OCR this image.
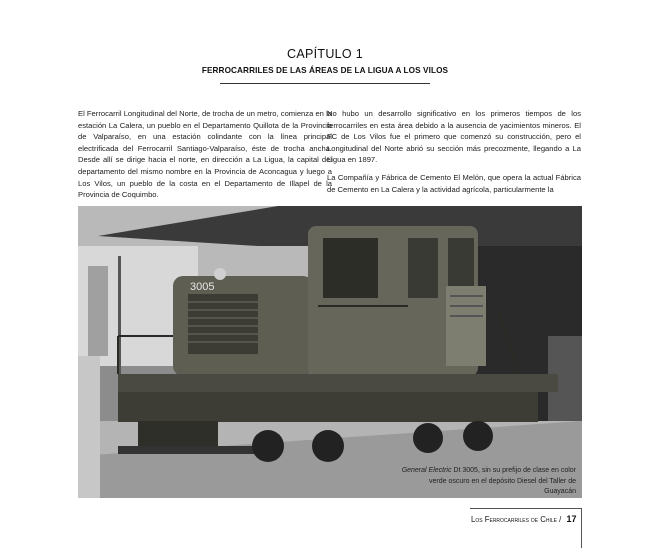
CAPÍTULO 1
FERROCARRILES DE LAS ÁREAS DE LA LIGUA A LOS VILOS

El Ferrocarril Longitudinal del Norte, de trocha de un metro, comienza en la estación La Calera, un pueblo en el Departamento Quillota de la Provincia de Valparaíso, en una estación colindante con la línea principal electrificada del Ferrocarril Santiago-Valparaíso, éste de trocha ancha. Desde allí se dirige hacia el norte, en dirección a La Ligua, la capital del departamento del mismo nombre en la Provincia de Aconcagua y luego a Los Vilos, un pueblo de la costa en el Departamento de Illapel de la Provincia de Coquimbo.

No hubo un desarrollo significativo en los primeros tiempos de los ferrocarriles en esta área debido a la ausencia de yacimientos mineros. El FC de Los Vilos fue el primero que comenzó su construcción, pero el Longitudinal del Norte abrió su sección más precozmente, llegando a La Ligua en 1897.

La Compañía y Fábrica de Cemento El Melón, que opera la actual Fábrica de Cemento en La Calera y la actividad agrícola, particularmente la

3005
General Electric Dt 3005, sin su prefijo de clase en color verde oscuro en el depósito Diesel del Taller de Guayacán
Los Ferrocarriles de Chile / 17
